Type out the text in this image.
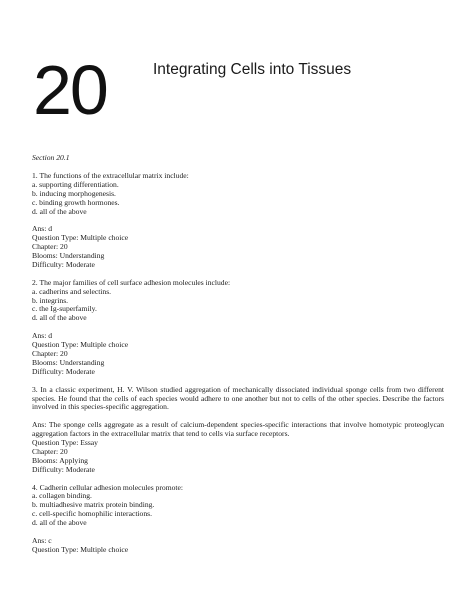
20	Integrating Cells into Tissues
Section 20.1
1. The functions of the extracellular matrix include:
a. supporting differentiation.
b. inducing morphogenesis.
c. binding growth hormones.
d. all of the above
Ans: d
Question Type: Multiple choice
Chapter: 20
Blooms: Understanding
Difficulty: Moderate
2. The major families of cell surface adhesion molecules include:
a. cadherins and selectins.
b. integrins.
c. the Ig-superfamily.
d. all of the above
Ans: d
Question Type: Multiple choice
Chapter: 20
Blooms: Understanding
Difficulty: Moderate
3. In a classic experiment, H. V. Wilson studied aggregation of mechanically dissociated individual sponge cells from two different species. He found that the cells of each species would adhere to one another but not to cells of the other species. Describe the factors involved in this species-specific aggregation.
Ans: The sponge cells aggregate as a result of calcium-dependent species-specific interactions that involve homotypic proteoglycan aggregation factors in the extracellular matrix that tend to cells via surface receptors.
Question Type: Essay
Chapter: 20
Blooms: Applying
Difficulty: Moderate
4. Cadherin cellular adhesion molecules promote:
a. collagen binding.
b. multiadhesive matrix protein binding.
c. cell-specific homophilic interactions.
d. all of the above
Ans: c
Question Type: Multiple choice
